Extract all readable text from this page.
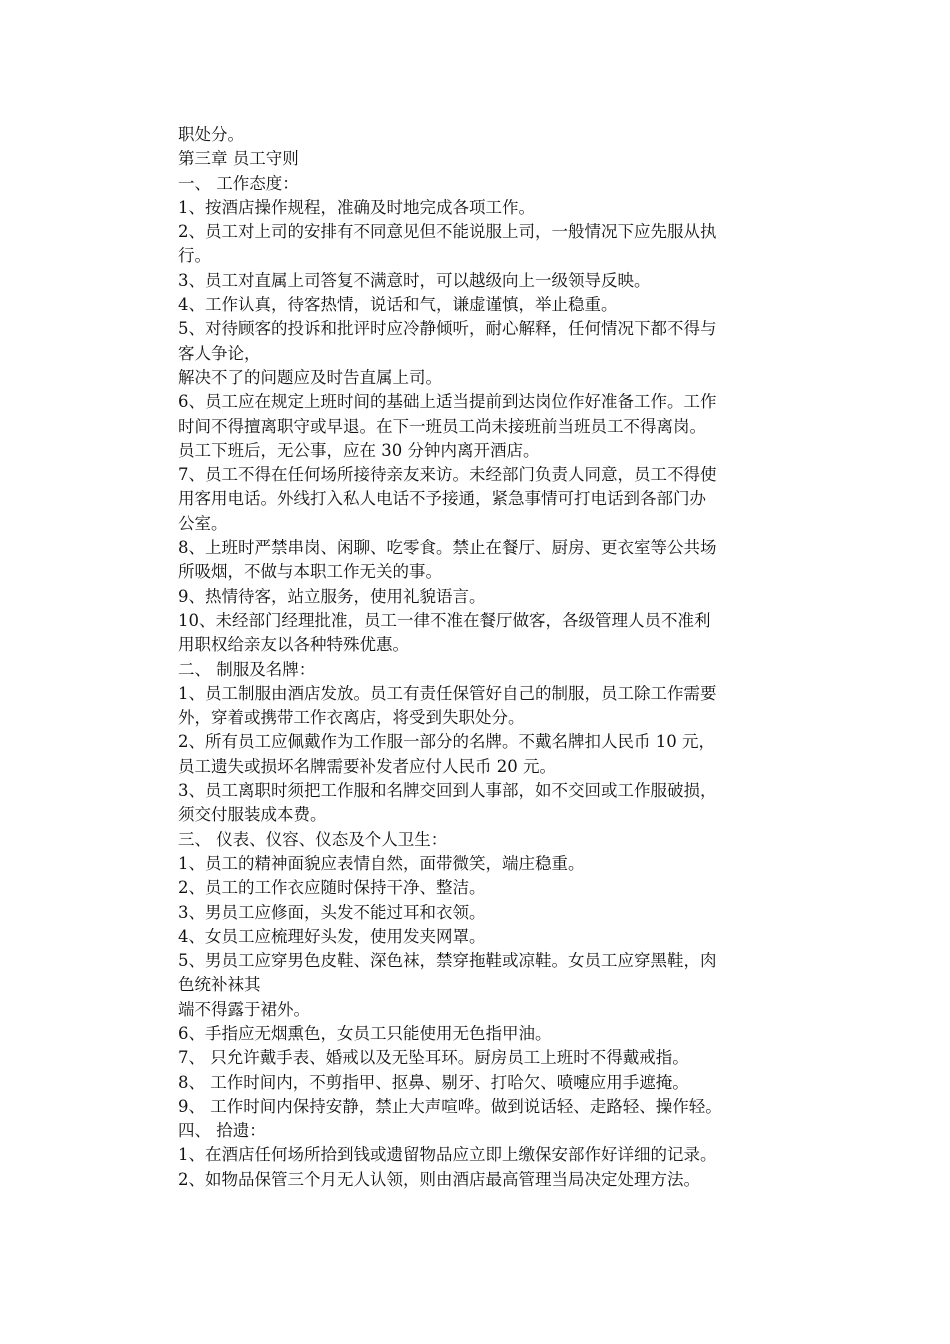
职处分。
第三章 员工守则
一、 工作态度：
1、按酒店操作规程，准确及时地完成各项工作。
2、员工对上司的安排有不同意见但不能说服上司，一般情况下应先服从执
行。
3、员工对直属上司答复不满意时，可以越级向上一级领导反映。
4、工作认真，待客热情，说话和气，谦虚谨慎，举止稳重。
5、对待顾客的投诉和批评时应冷静倾听，耐心解释，任何情况下都不得与
客人争论，
解决不了的问题应及时告直属上司。
6、员工应在规定上班时间的基础上适当提前到达岗位作好准备工作。工作
时间不得擅离职守或早退。在下一班员工尚未接班前当班员工不得离岗。
员工下班后，无公事，应在 30 分钟内离开酒店。
7、员工不得在任何场所接待亲友来访。未经部门负责人同意，员工不得使
用客用电话。外线打入私人电话不予接通，紧急事情可打电话到各部门办
公室。
8、上班时严禁串岗、闲聊、吃零食。禁止在餐厅、厨房、更衣室等公共场
所吸烟，不做与本职工作无关的事。
9、热情待客，站立服务，使用礼貌语言。
10、未经部门经理批准，员工一律不准在餐厅做客，各级管理人员不准利
用职权给亲友以各种特殊优惠。
二、 制服及名牌：
1、员工制服由酒店发放。员工有责任保管好自己的制服，员工除工作需要
外，穿着或携带工作衣离店，将受到失职处分。
2、所有员工应佩戴作为工作服一部分的名牌。不戴名牌扣人民币 10 元，
员工遗失或损坏名牌需要补发者应付人民币 20 元。
3、员工离职时须把工作服和名牌交回到人事部，如不交回或工作服破损，
须交付服装成本费。
三、 仪表、仪容、仪态及个人卫生：
1、员工的精神面貌应表情自然，面带微笑，端庄稳重。
2、员工的工作衣应随时保持干净、整洁。
3、男员工应修面，头发不能过耳和衣领。
4、女员工应梳理好头发，使用发夹网罩。
5、男员工应穿男色皮鞋、深色袜，禁穿拖鞋或凉鞋。女员工应穿黑鞋，肉
色统补袜其
端不得露于裙外。
6、手指应无烟熏色，女员工只能使用无色指甲油。
7、 只允许戴手表、婚戒以及无坠耳环。厨房员工上班时不得戴戒指。
8、 工作时间内，不剪指甲、抠鼻、剔牙、打哈欠、喷嚏应用手遮掩。
9、 工作时间内保持安静，禁止大声喧哗。做到说话轻、走路轻、操作轻。
四、 拾遗：
1、在酒店任何场所拾到钱或遗留物品应立即上缴保安部作好详细的记录。
2、如物品保管三个月无人认领，则由酒店最高管理当局决定处理方法。
